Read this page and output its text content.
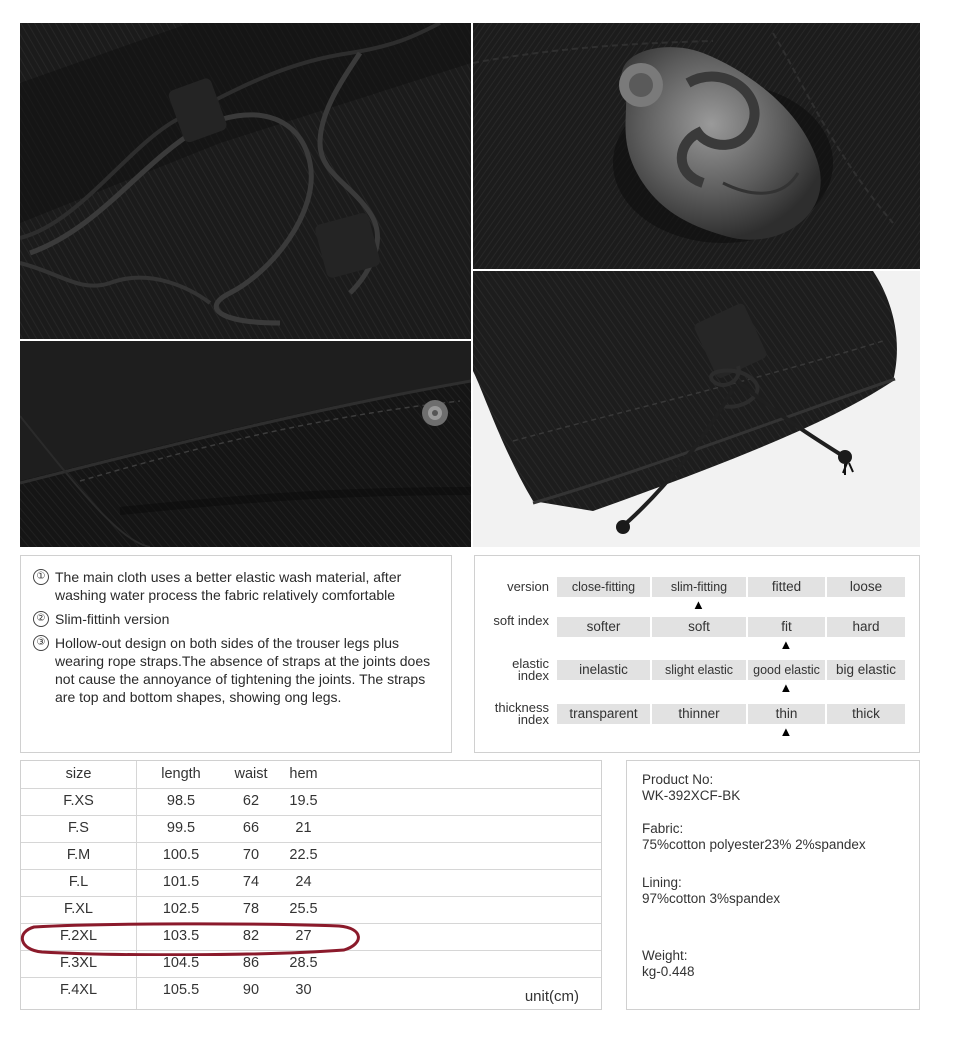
① The main cloth uses a better elastic wash material, after washing water process the fabric relatively comfortable
② Slim-fittinh version
③ Hollow-out design on both sides of the trouser legs plus wearing rope straps.The absence of straps at the joints does not cause the annoyance of tightening the joints. The straps are top and bottom shapes, showing ong legs.
version	close-fitting	slim-fitting	fitted	loose
▲
soft index	softer	soft	fit	hard
▲
elastic index	inelastic	slight elastic	good elastic	big elastic
▲
thickness index	transparent	thinner	thin	thick
▲
size	length	waist	hem
F.XS	98.5	62	19.5
F.S	99.5	66	21
F.M	100.5	70	22.5
F.L	101.5	74	24
F.XL	102.5	78	25.5
F.2XL	103.5	82	27
F.3XL	104.5	86	28.5
F.4XL	105.5	90	30	unit(cm)
Product No:
WK-392XCF-BK
Fabric:
75%cotton polyester23% 2%spandex
Lining:
97%cotton 3%spandex
Weight:
kg-0.448
